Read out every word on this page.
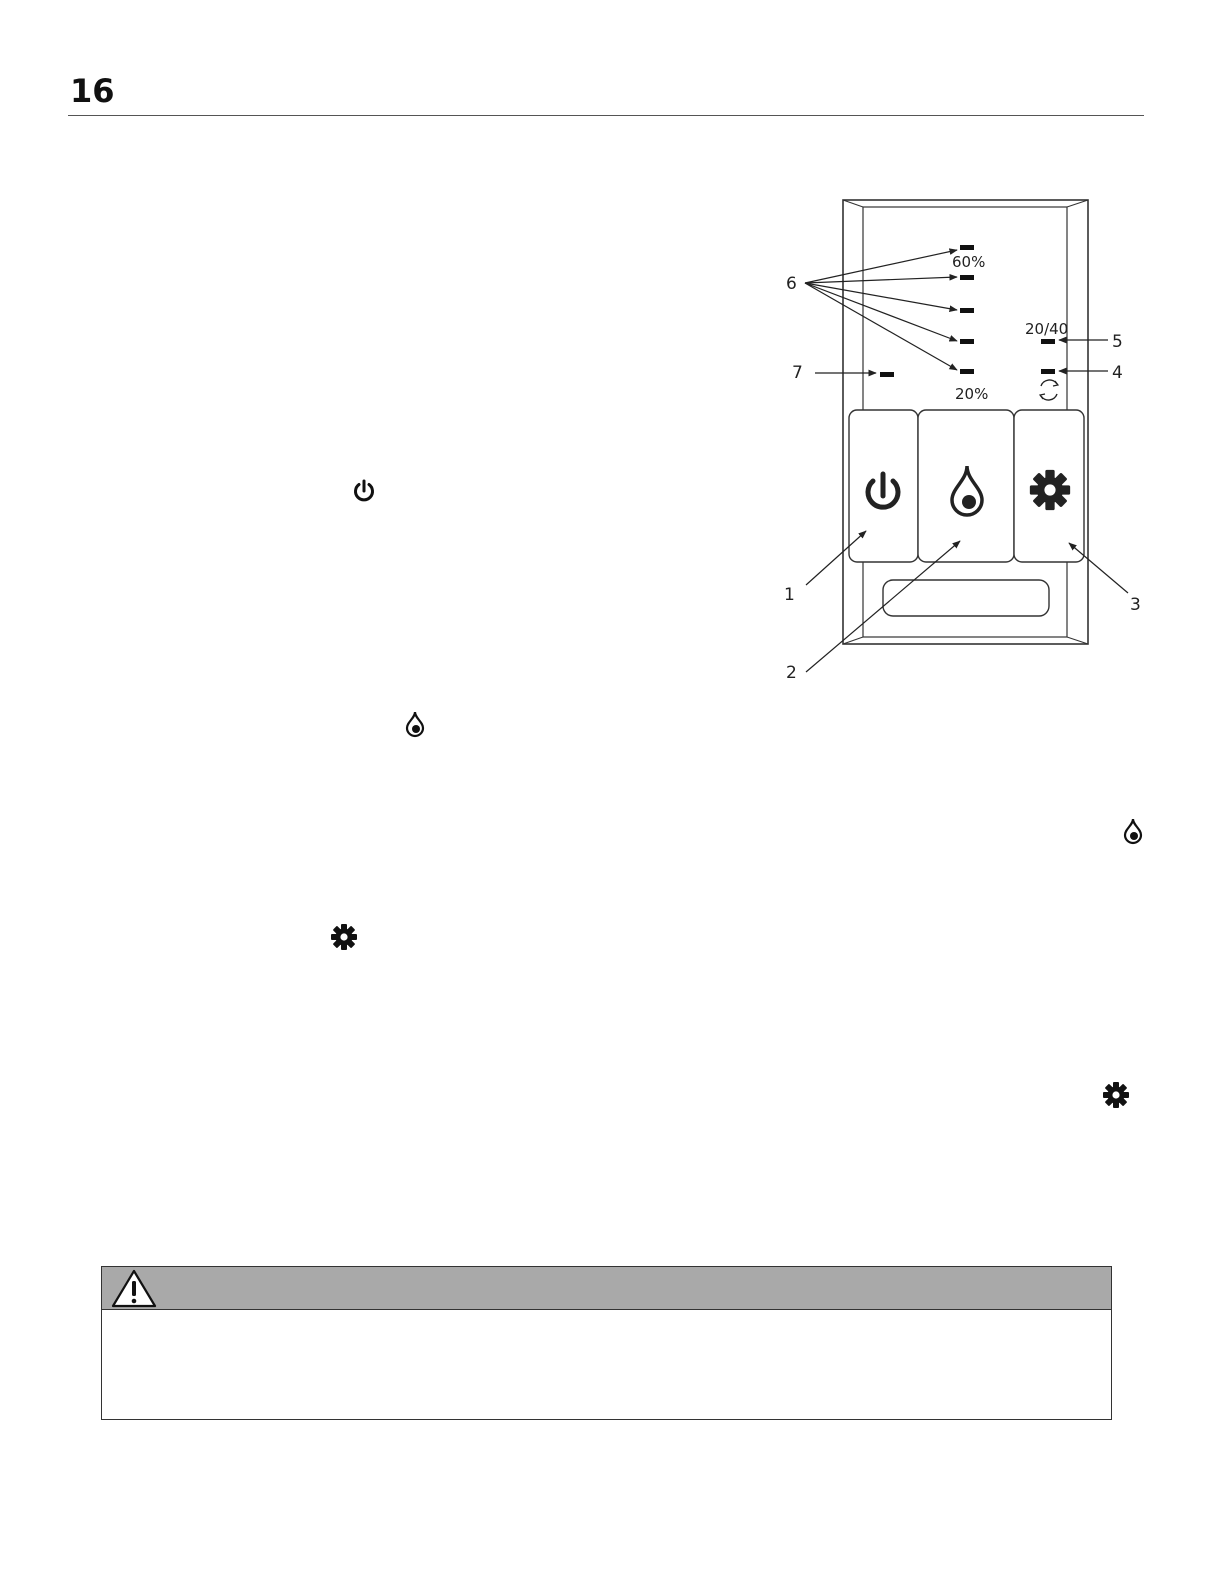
16
60%
20%
20/40
1
2
3
4
5
6
7
